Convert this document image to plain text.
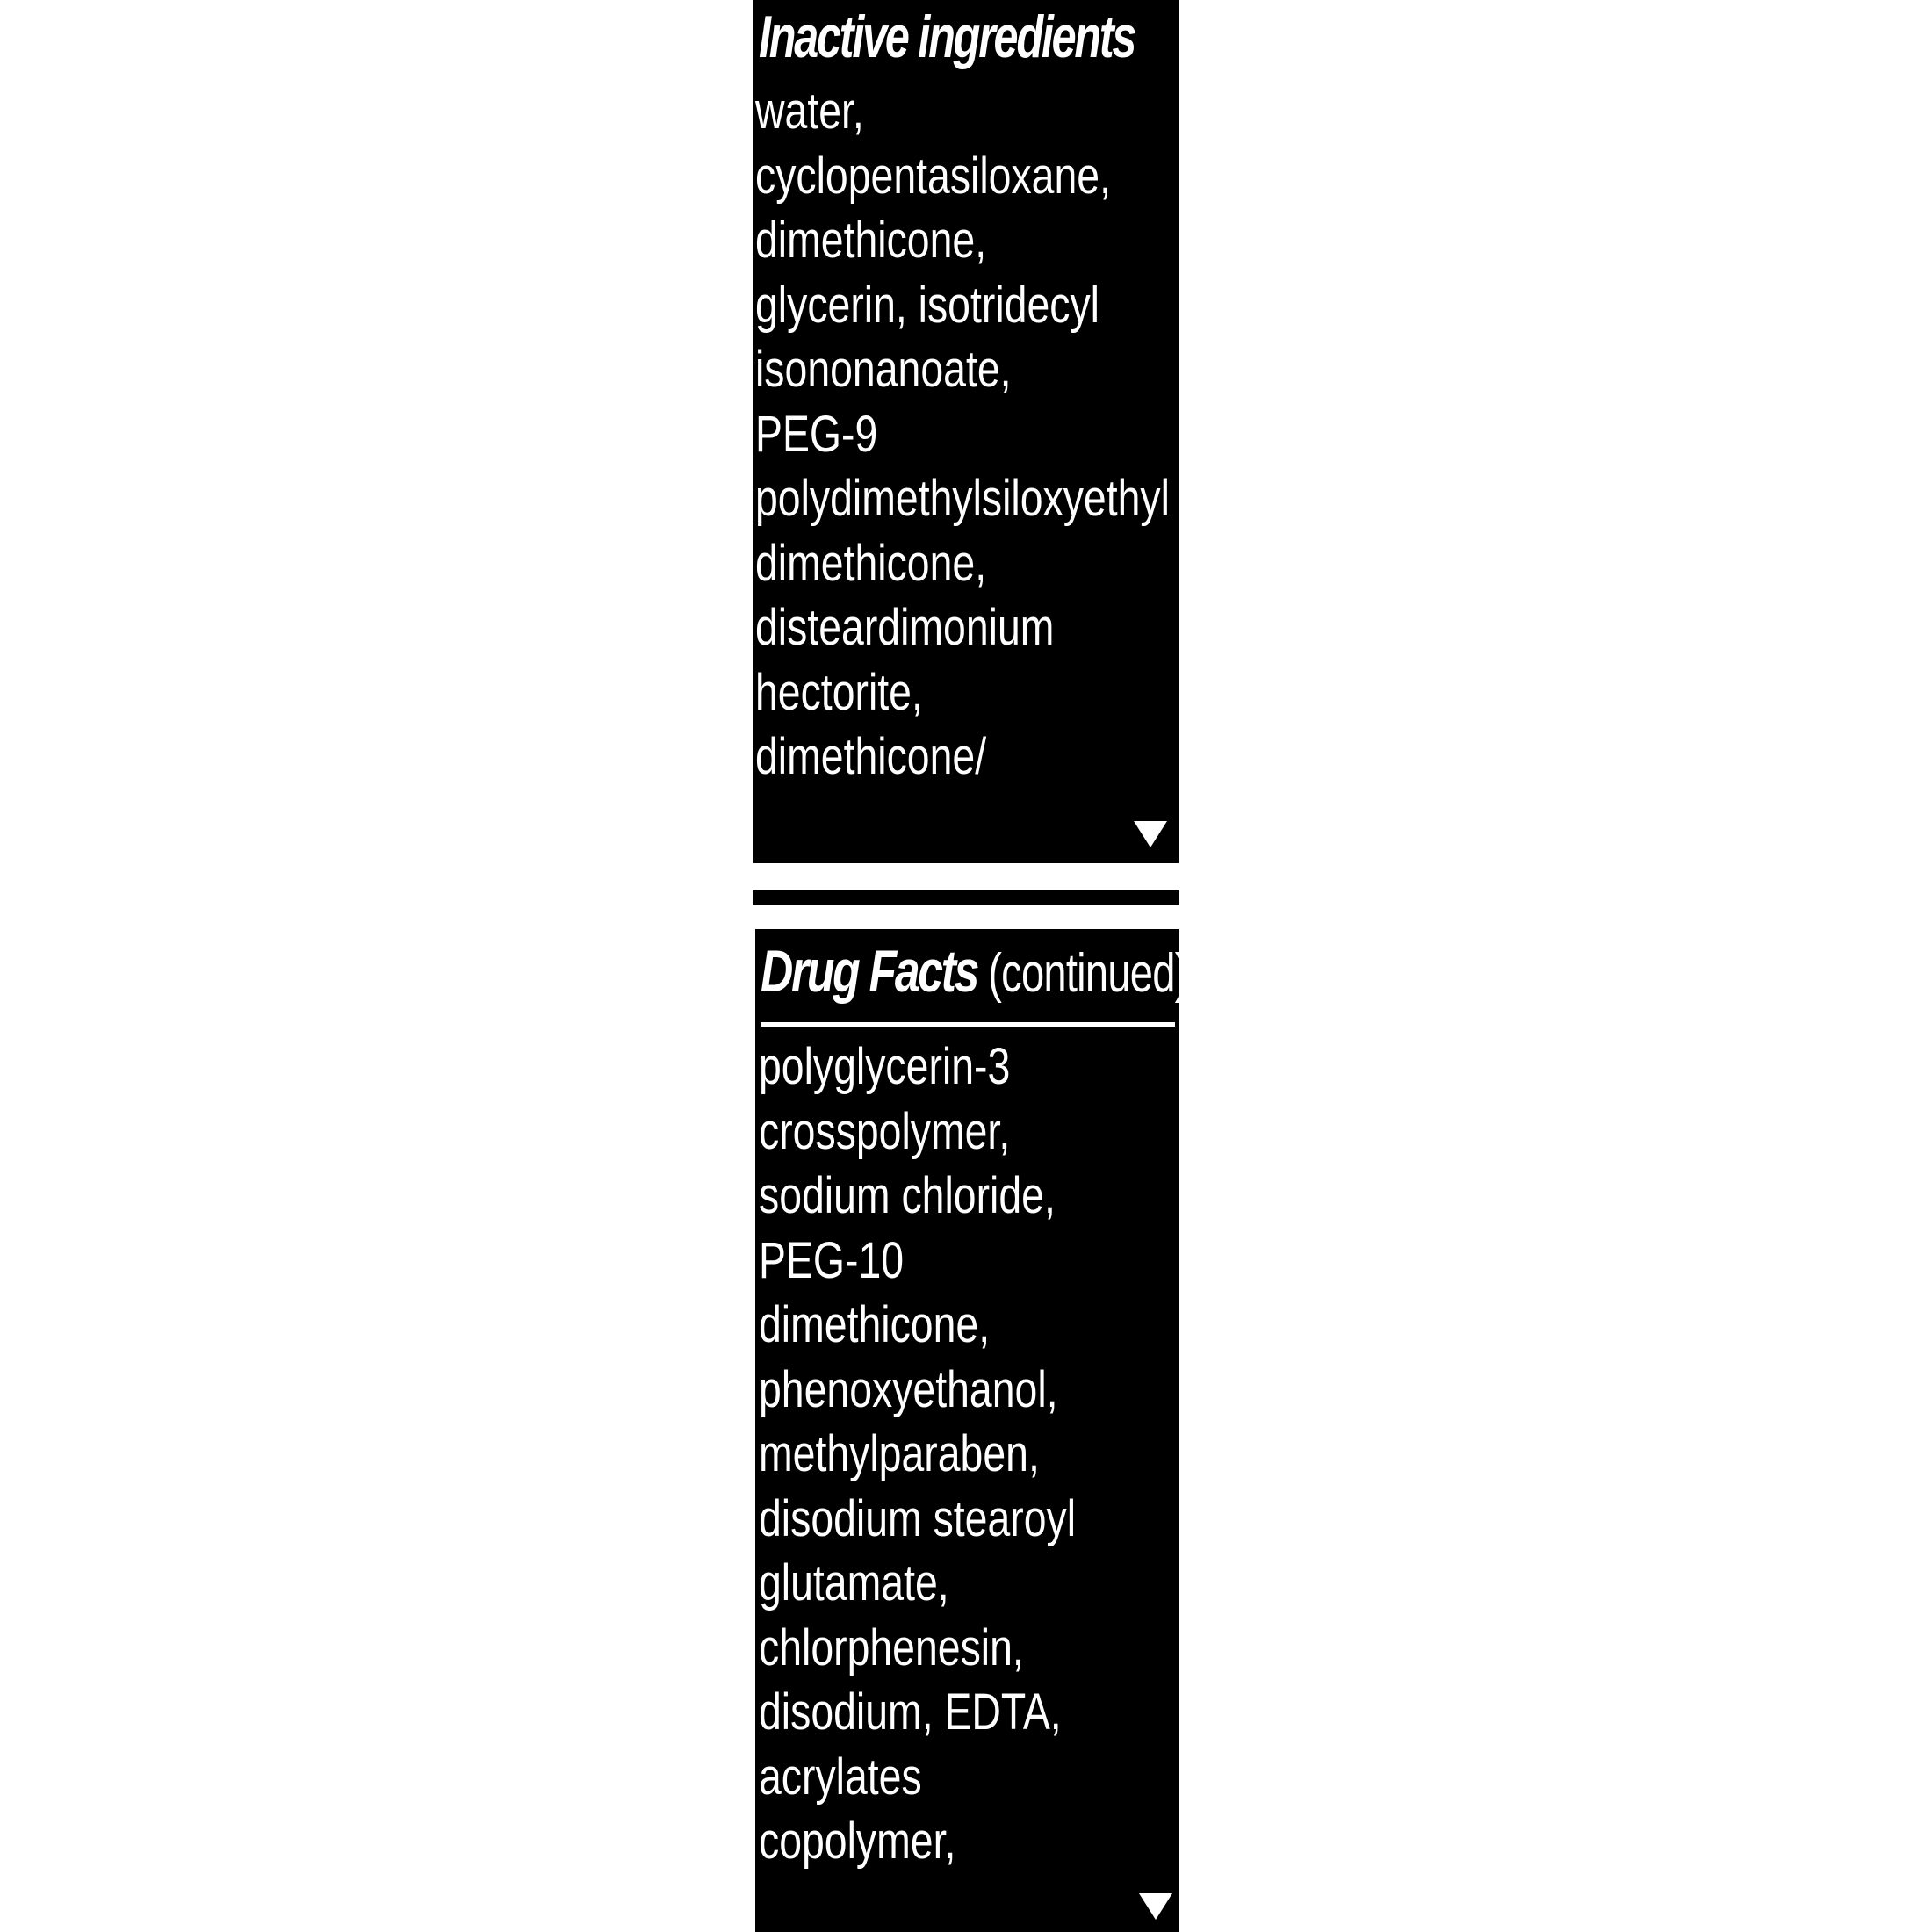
Inactive ingredients
water,
cyclopentasiloxane,
dimethicone,
glycerin, isotridecyl
isononanoate,
PEG-9
polydimethylsiloxyethyl
dimethicone,
disteardimonium
hectorite,
dimethicone/
Drug Facts (continued)
polyglycerin-3
crosspolymer,
sodium chloride,
PEG-10
dimethicone,
phenoxyethanol,
methylparaben,
disodium stearoyl
glutamate,
chlorphenesin,
disodium, EDTA,
acrylates
copolymer,
